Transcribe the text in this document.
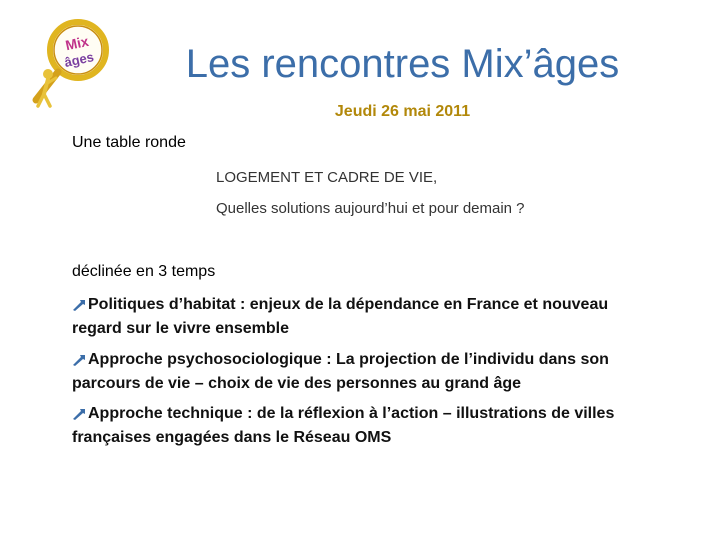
Mix
âges	Les rencontres Mix’âges
Jeudi 26 mai 2011
Une table ronde
LOGEMENT ET CADRE DE VIE,
Quelles solutions aujourd’hui et pour demain ?
déclinée en 3 temps
Politiques d’habitat : enjeux de la dépendance en France et nouveau regard sur le vivre ensemble
Approche psychosociologique : La projection de l’individu dans son parcours de vie – choix de vie des personnes au grand âge
Approche technique : de la réflexion à l’action – illustrations de villes françaises engagées dans le Réseau OMS
